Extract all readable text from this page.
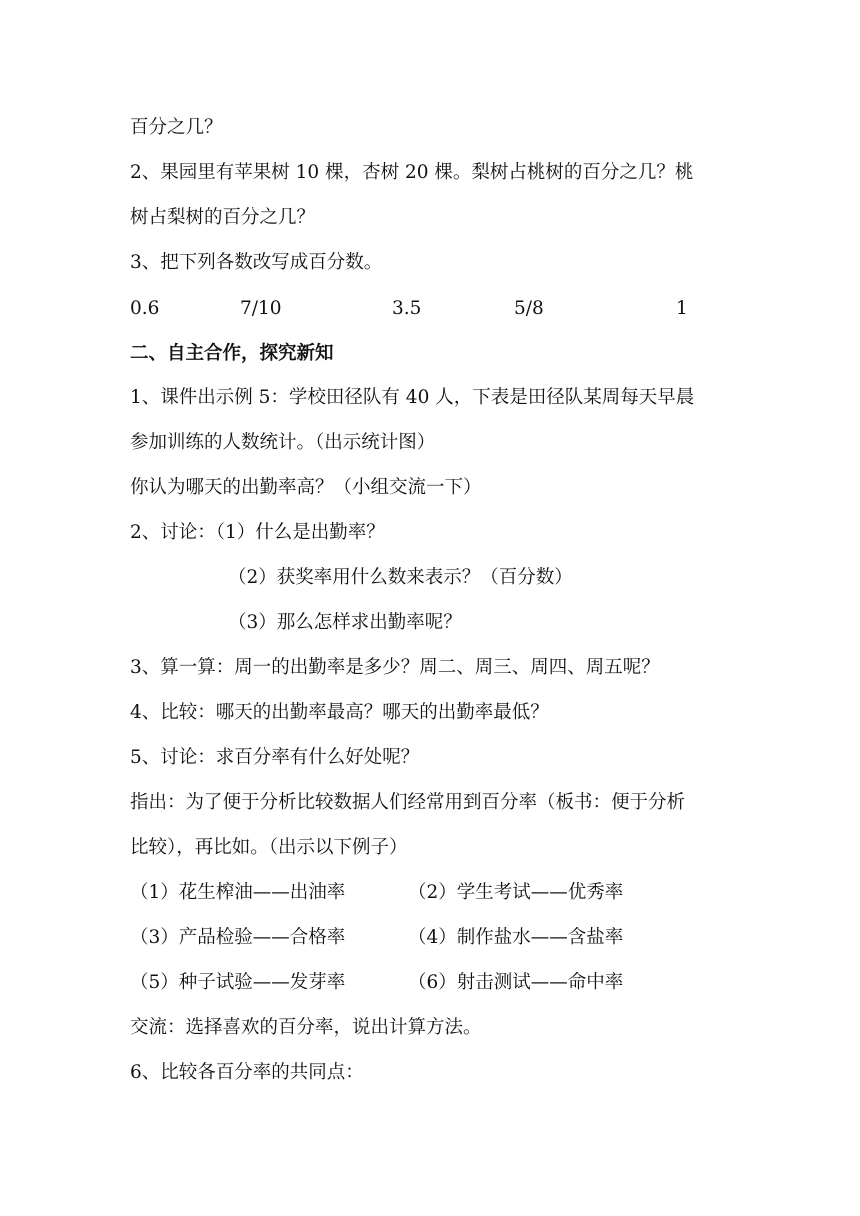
百分之几？
2、果园里有苹果树 10 棵，杏树 20 棵。梨树占桃树的百分之几？桃
树占梨树的百分之几？
3、把下列各数改写成百分数。
0.6	7/10	3.5	5/8	1
二、自主合作，探究新知
1、课件出示例 5：学校田径队有 40 人，下表是田径队某周每天早晨
参加训练的人数统计。（出示统计图）
你认为哪天的出勤率高？（小组交流一下）
2、讨论：（1）什么是出勤率？
（2）获奖率用什么数来表示？（百分数）
（3）那么怎样求出勤率呢？
3、算一算：周一的出勤率是多少？周二、周三、周四、周五呢？
4、比较：哪天的出勤率最高？哪天的出勤率最低？
5、讨论：求百分率有什么好处呢？
指出：为了便于分析比较数据人们经常用到百分率（板书：便于分析
比较），再比如。（出示以下例子）
（1）花生榨油——出油率	（2）学生考试——优秀率
（3）产品检验——合格率	（4）制作盐水——含盐率
（5）种子试验——发芽率	（6）射击测试——命中率
交流：选择喜欢的百分率，说出计算方法。
6、比较各百分率的共同点：
